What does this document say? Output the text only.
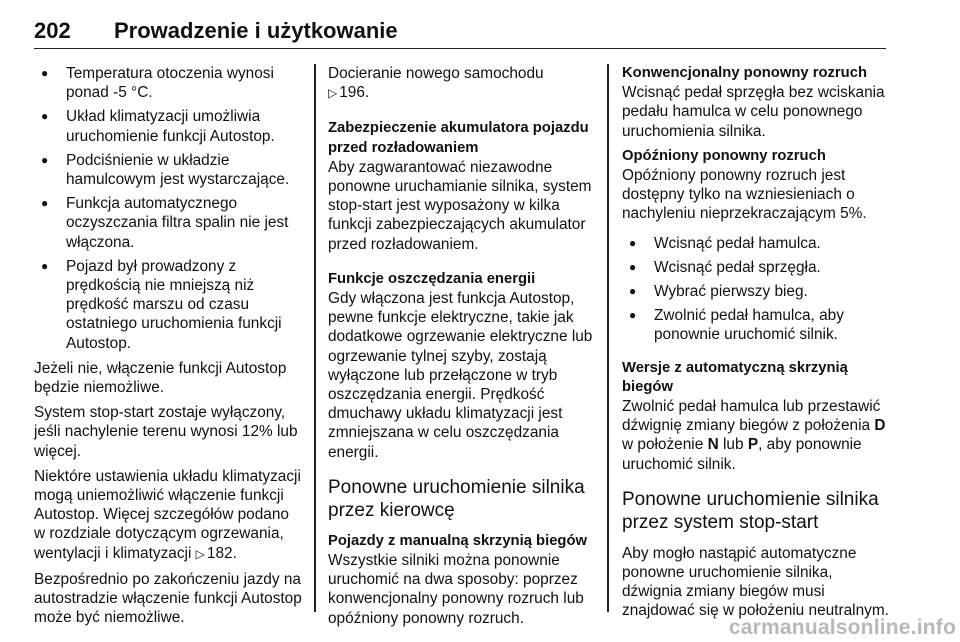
202 Prowadzenie i użytkowanie
● Temperatura otoczenia wynosi ponad -5 °C.
● Układ klimatyzacji umożliwia uruchomienie funkcji Autostop.
● Podciśnienie w układzie hamulcowym jest wystarczające.
● Funkcja automatycznego oczyszczania filtra spalin nie jest włączona.
● Pojazd był prowadzony z prędkością nie mniejszą niż prędkość marszu od czasu ostatniego uruchomienia funkcji Autostop.

Jeżeli nie, włączenie funkcji Autostop będzie niemożliwe.

System stop-start zostaje wyłączony, jeśli nachylenie terenu wynosi 12% lub więcej.

Niektóre ustawienia układu klimatyzacji mogą uniemożliwić włączenie funkcji Autostop. Więcej szczegółów podano w rozdziale dotyczącym ogrzewania, wentylacji i klimatyzacji ▷ 182.

Bezpośrednio po zakończeniu jazdy na autostradzie włączenie funkcji Autostop może być niemożliwe.

Docieranie nowego samochodu
▷ 196.

Zabezpieczenie akumulatora pojazdu przed rozładowaniem

Aby zagwarantować niezawodne ponowne uruchamianie silnika, system stop-start jest wyposażony w kilka funkcji zabezpieczających akumulator przed rozładowaniem.

Funkcje oszczędzania energii

Gdy włączona jest funkcja Autostop, pewne funkcje elektryczne, takie jak dodatkowe ogrzewanie elektryczne lub ogrzewanie tylnej szyby, zostają wyłączone lub przełączone w tryb oszczędzania energii. Prędkość dmuchawy układu klimatyzacji jest zmniejszana w celu oszczędzania energii.

Ponowne uruchomienie silnika przez kierowcę
Pojazdy z manualną skrzynią biegów

Wszystkie silniki można ponownie uruchomić na dwa sposoby: poprzez konwencjonalny ponowny rozruch lub opóźniony ponowny rozruch.

Konwencjonalny ponowny rozruch

Wcisnąć pedał sprzęgła bez wciskania pedału hamulca w celu ponownego uruchomienia silnika.

Opóźniony ponowny rozruch

Opóźniony ponowny rozruch jest dostępny tylko na wzniesieniach o nachyleniu nieprzekraczającym 5%.

● Wcisnąć pedał hamulca.
● Wcisnąć pedał sprzęgła.
● Wybrać pierwszy bieg.
● Zwolnić pedał hamulca, aby ponownie uruchomić silnik.
Wersje z automatyczną skrzynią biegów

Zwolnić pedał hamulca lub przestawić dźwignię zmiany biegów z położenia D w położenie N lub P, aby ponownie uruchomić silnik.

Ponowne uruchomienie silnika przez system stop-start

Aby mogło nastąpić automatyczne ponowne uruchomienie silnika, dźwignia zmiany biegów musi znajdować się w położeniu neutralnym.

carmanualsonline.info
